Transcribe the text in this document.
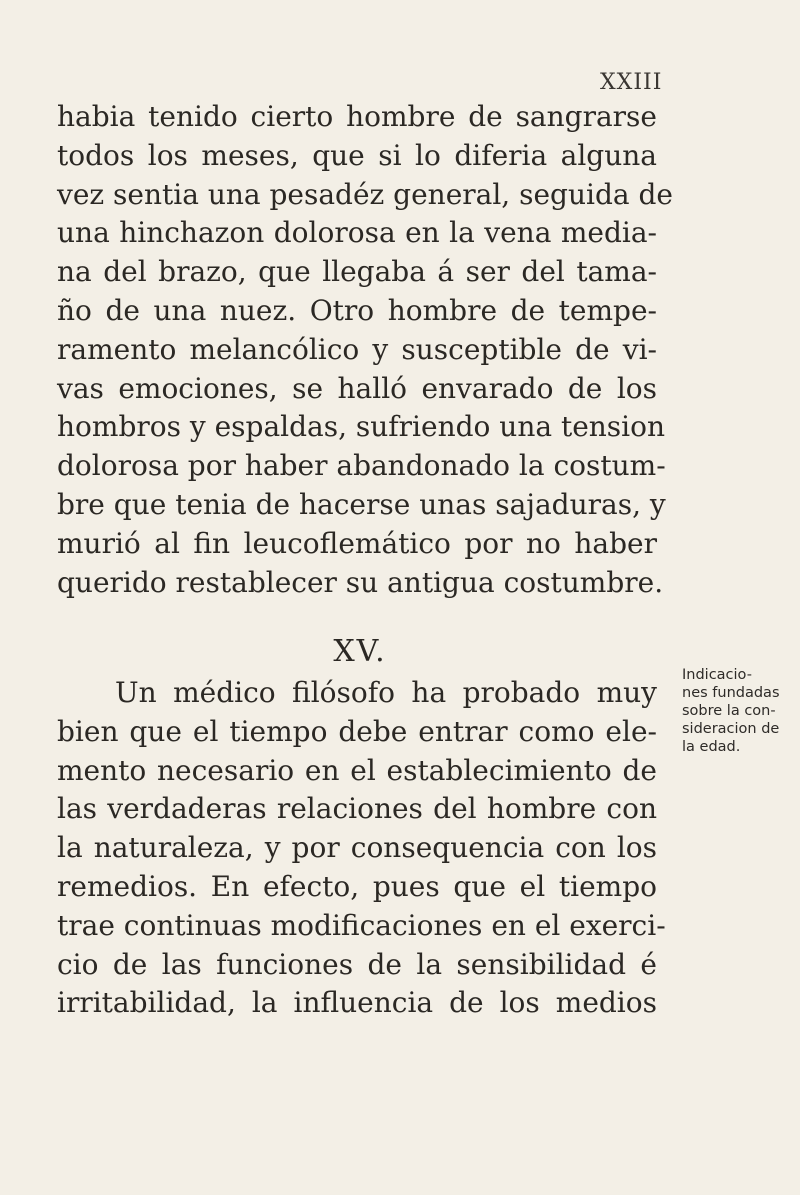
XXIII
habia tenido cierto hombre de sangrarse
todos los meses, que si lo diferia alguna
vez sentia una pesadéz general, seguida de
una hinchazon dolorosa en la vena media-
na del brazo, que llegaba á ser del tama-
ño de una nuez. Otro hombre de tempe-
ramento melancólico y susceptible de vi-
vas emociones, se halló envarado de los
hombros y espaldas, sufriendo una tension
dolorosa por haber abandonado la costum-
bre que tenia de hacerse unas sajaduras, y
murió al fin leucoflemático por no haber
querido restablecer su antigua costumbre.
XV.
Un médico filósofo ha probado muy
bien que el tiempo debe entrar como ele-
mento necesario en el establecimiento de
las verdaderas relaciones del hombre con
la naturaleza, y por consequencia con los
remedios. En efecto, pues que el tiempo
trae continuas modificaciones en el exerci-
cio de las funciones de la sensibilidad é
irritabilidad, la influencia de los medios
Indicacio-
nes fundadas
sobre la con-
sideracion de
la edad.
